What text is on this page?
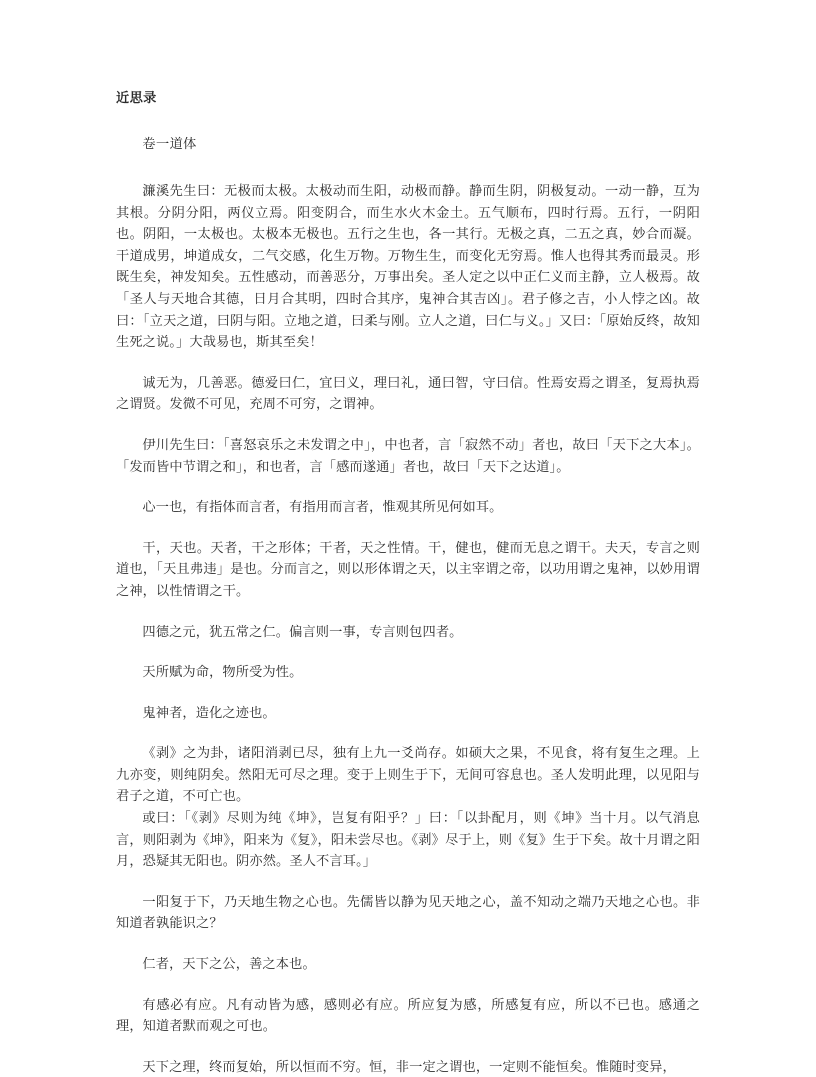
近思录
卷一道体

濂溪先生曰：无极而太极。太极动而生阳，动极而静。静而生阴，阴极复动。一动一静，互为其根。分阴分阳，两仪立焉。阳变阴合，而生水火木金土。五气顺布，四时行焉。五行，一阴阳也。阴阳，一太极也。太极本无极也。五行之生也，各一其行。无极之真，二五之真，妙合而凝。干道成男，坤道成女，二气交感，化生万物。万物生生，而变化无穷焉。惟人也得其秀而最灵。形既生矣，神发知矣。五性感动，而善恶分，万事出矣。圣人定之以中正仁义而主静，立人极焉。故「圣人与天地合其德，日月合其明，四时合其序，鬼神合其吉凶」。君子修之吉，小人悖之凶。故曰：「立天之道，曰阴与阳。立地之道，曰柔与刚。立人之道，曰仁与义。」又曰：「原始反终，故知生死之说。」大哉易也，斯其至矣！

诚无为，几善恶。德爱曰仁，宜曰义，理曰礼，通曰智，守曰信。性焉安焉之谓圣，复焉执焉之谓贤。发微不可见，充周不可穷，之谓神。

伊川先生曰：「喜怒哀乐之未发谓之中」，中也者，言「寂然不动」者也，故曰「天下之大本」。「发而皆中节谓之和」，和也者，言「感而遂通」者也，故曰「天下之达道」。

心一也，有指体而言者，有指用而言者，惟观其所见何如耳。

干，天也。天者，干之形体；干者，天之性情。干，健也，健而无息之谓干。夫天，专言之则道也，「天且弗违」是也。分而言之，则以形体谓之天，以主宰谓之帝，以功用谓之鬼神，以妙用谓之神，以性情谓之干。

四德之元，犹五常之仁。偏言则一事，专言则包四者。

天所赋为命，物所受为性。

鬼神者，造化之迹也。

《剥》之为卦，诸阳消剥已尽，独有上九一爻尚存。如硕大之果，不见食，将有复生之理。上九亦变，则纯阴矣。然阳无可尽之理。变于上则生于下，无间可容息也。圣人发明此理，以见阳与君子之道，不可亡也。

或曰：「《剥》尽则为纯《坤》，岂复有阳乎？」曰：「以卦配月，则《坤》当十月。以气消息言，则阳剥为《坤》，阳来为《复》，阳未尝尽也。《剥》尽于上，则《复》生于下矣。故十月谓之阳月，恐疑其无阳也。阴亦然。圣人不言耳。」

一阳复于下，乃天地生物之心也。先儒皆以静为见天地之心，盖不知动之端乃天地之心也。非知道者孰能识之？

仁者，天下之公，善之本也。

有感必有应。凡有动皆为感，感则必有应。所应复为感，所感复有应，所以不已也。感通之理，知道者默而观之可也。

天下之理，终而复始，所以恒而不穷。恒，非一定之谓也，一定则不能恒矣。惟随时变异，
